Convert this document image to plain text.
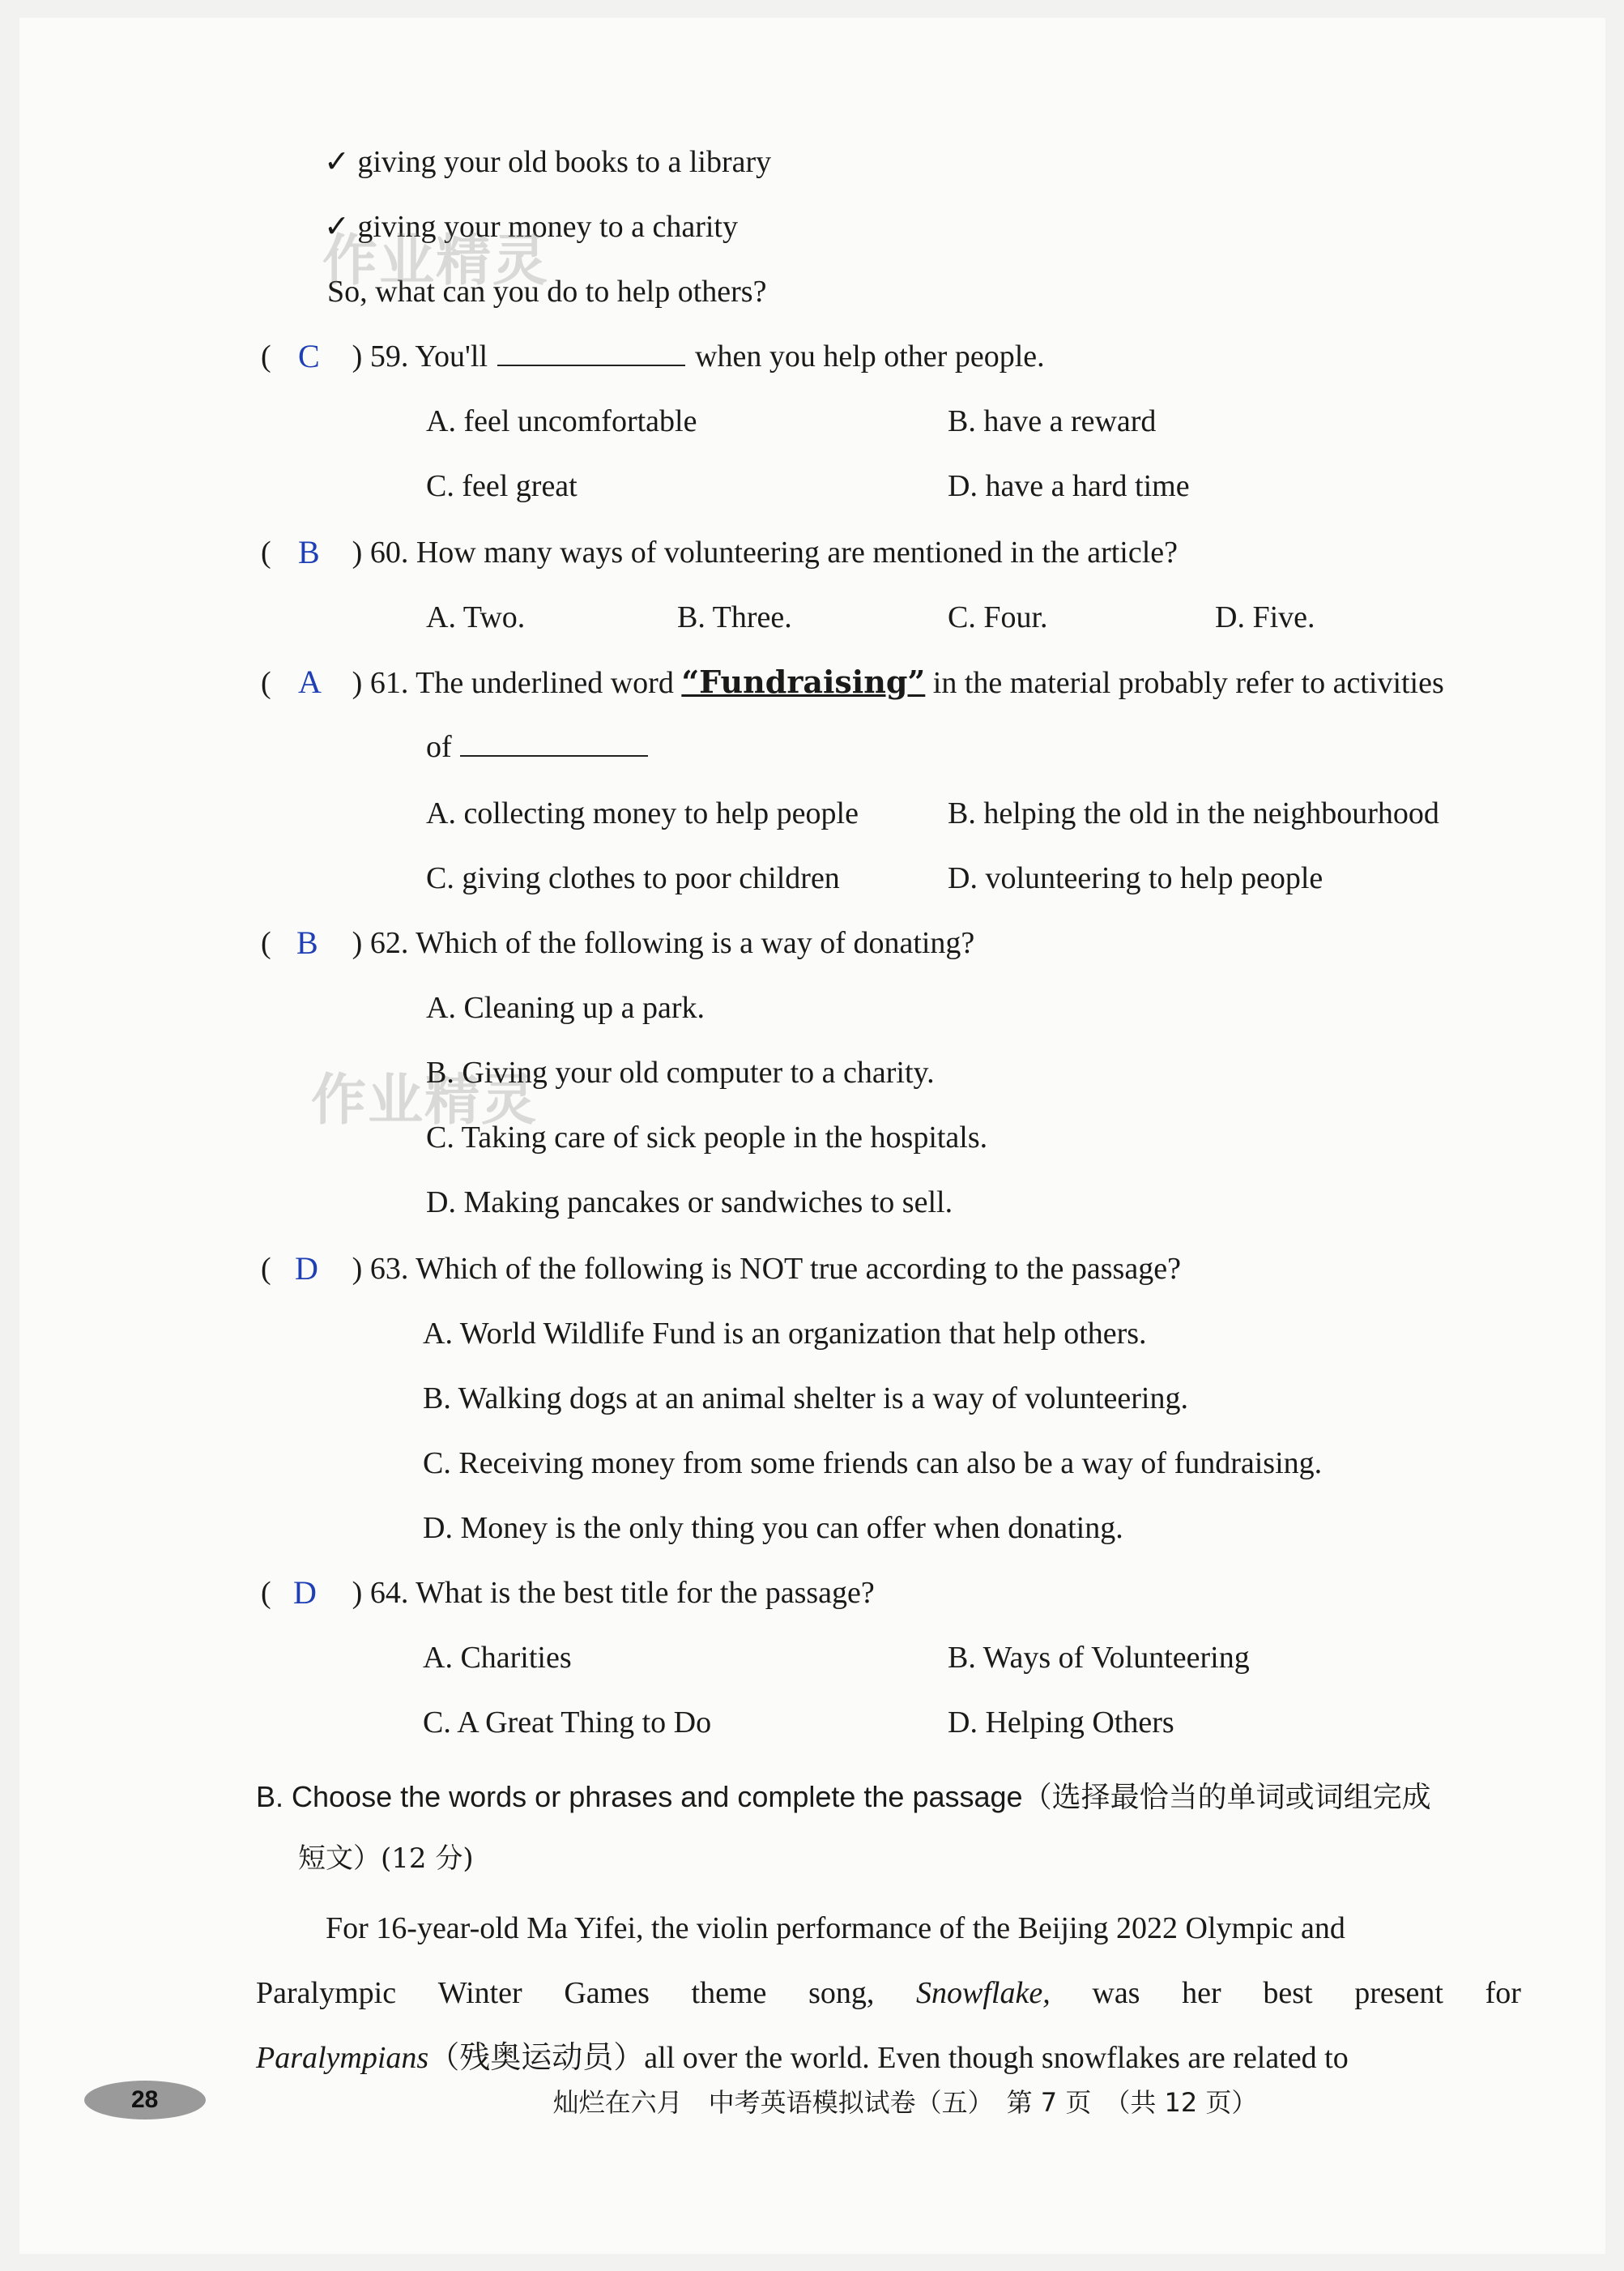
✓ giving your old books to a library
✓ giving your money to a charity
So, what can you do to help others?
作业精灵
作业精灵
(	) 59. You'll	when you help other people.
C
A. feel uncomfortable	B. have a reward
C. feel great	D. have a hard time
(	) 60. How many ways of volunteering are mentioned in the article?
B
A. Two.	B. Three.	C. Four.	D. Five.
(	) 61. The underlined word “Fundraising” in the material probably refer to activities
A
of
A. collecting money to help people	B. helping the old in the neighbourhood
C. giving clothes to poor children	D. volunteering to help people
(	) 62. Which of the following is a way of donating?
B
A. Cleaning up a park.
B. Giving your old computer to a charity.
C. Taking care of sick people in the hospitals.
D. Making pancakes or sandwiches to sell.
(	) 63. Which of the following is NOT true according to the passage?
D
A. World Wildlife Fund is an organization that help others.
B. Walking dogs at an animal shelter is a way of volunteering.
C. Receiving money from some friends can also be a way of fundraising.
D. Money is the only thing you can offer when donating.
(	) 64. What is the best title for the passage?
D
A. Charities	B. Ways of Volunteering
C. A Great Thing to Do	D. Helping Others
B. Choose the words or phrases and complete the passage（选择最恰当的单词或词组完成
短文）(12 分)
For 16-year-old Ma Yifei, the violin performance of the Beijing 2022 Olympic and
Paralympic Winter Games theme song, Snowflake, was her best present for
Paralympians（残奥运动员）all over the world. Even though snowflakes are related to
28	灿烂在六月　中考英语模拟试卷（五）　第 7 页　（共 12 页）
